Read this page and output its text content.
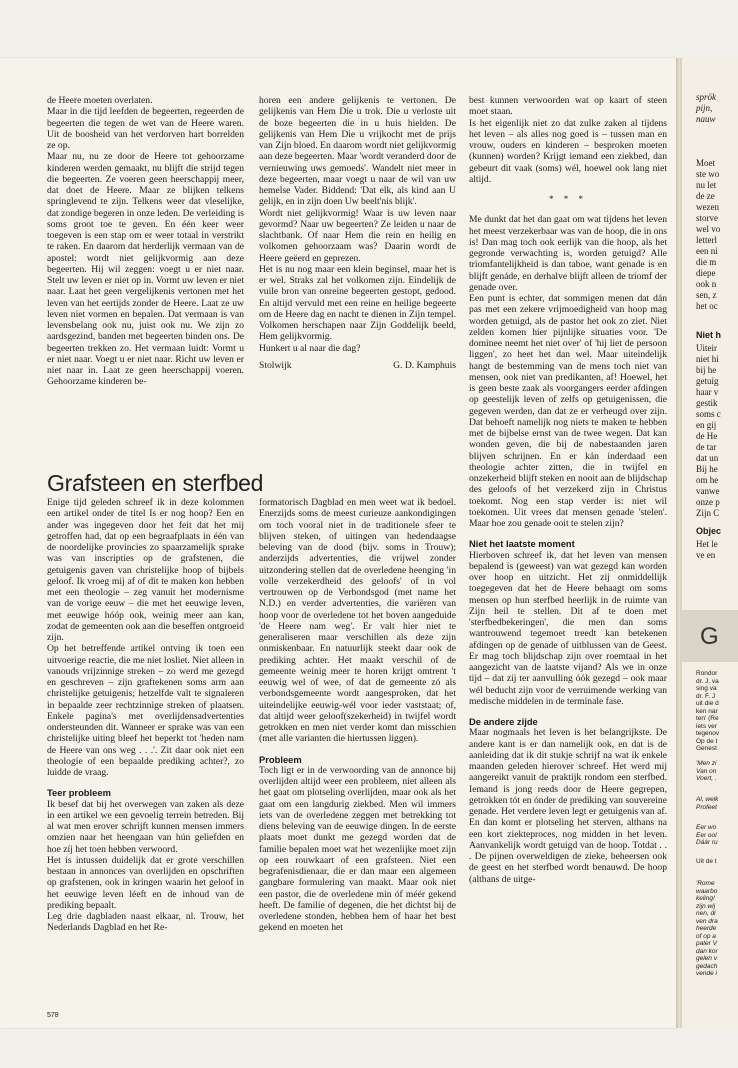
de Heere moeten overlaten.

Maar in die tijd leefden de begeerten, regeerden de begeerten die tegen de wet van de Heere waren. Uit de boosheid van het verdorven hart borrelden ze op.

Maar nu, nu ze door de Heere tot gehoorzame kinderen werden gemaakt, nu blijft die strijd tegen die begeerten. Ze voeren geen heerschappij meer, dat doet de Heere. Maar ze blijken telkens springlevend te zijn. Telkens weer dat vleselijke, dat zondige begeren in onze leden. De verleiding is soms groot toe te geven. En één keer weer toegeven is een stap om er weer totaal in verstrikt te raken. En daarom dat herderlijk vermaan van de apostel: wordt niet gelijkvormig aan deze begeerten. Hij wil zeggen: voegt u er niet naar. Stelt uw leven er niet op in. Vormt uw leven er niet naar. Laat het geen vergelijkenis vertonen met het leven van het eertijds zonder de Heere. Laat ze uw leven niet vormen en bepalen. Dat vermaan is van levensbelang ook nu, juist ook nu. We zijn zo aardsgezind, banden met begeerten binden ons. De begeerten trekken zo. Het vermaan luidt: Vormt u er niet naar. Voegt u er niet naar. Richt uw leven er niet naar in. Laat ze geen heerschappij voeren. Gehoorzame kinderen be-

horen een andere gelijkenis te vertonen. De gelijkenis van Hem Die u trok. Die u verloste uit de boze begeerten die in u huis hielden. De gelijkenis van Hem Die u vrijkocht met de prijs van Zijn bloed. En daarom wordt niet gelijkvormig aan deze begeerten. Maar 'wordt veranderd door de vernieuwing uws gemoeds'. Wandelt niet meer in deze begeerten, maar voegt u naar de wil van uw hemelse Vader. Biddend: 'Dat elk, als kind aan U gelijk, en in zijn doen Uw beelt'nis blijk'.

Wordt niet gelijkvormig! Waar is uw leven naar gevormd? Naar uw begeerten? Ze leiden u naar de slachtbank. Of naar Hem die rein en heilig en volkomen gehoorzaam was? Daarin wordt de Heere geëerd en geprezen.

Het is nu nog maar een klein beginsel, maar het is er wel. Straks zal het volkomen zijn. Eindelijk de vuile bron van onreine begeerten gestopt, gedood. En altijd vervuld met een reine en heilige begeerte om de Heere dag en nacht te dienen in Zijn tempel. Volkomen herschapen naar Zijn Goddelijk beeld, Hem gelijkvormig.

Hunkert u al naar die dag?

Stolwijk	G. D. Kamphuis

best kunnen verwoorden wat op kaart of steen moet staan.

Is het eigenlijk niet zo dat zulke zaken al tijdens het leven – als alles nog goed is – tussen man en vrouw, ouders en kinderen – besproken moeten (kunnen) worden? Krijgt iemand een ziekbed, dan gebeurt dit vaak (soms) wél, hoewel ook lang niet altijd.

* * *

Me dunkt dat het dan gaat om wat tijdens het leven het meest verzekerbaar was van de hoop, die in ons is! Dan mag toch ook eerlijk van die hoop, als het gegronde verwachting is, worden getuigd? Alle triomfantelijkheid is dan taboe, want genade is en blijft genáde, en derhalve blijft alleen de triomf der genade over.

Een punt is echter, dat sommigen menen dat dán pas met een zekere vrijmoedigheid van hoop mag worden getuigd, als de pastor het ook zo ziet. Niet zelden komen hier pijnlijke situaties voor. 'De dominee neemt het niet over' of 'hij liet de persoon liggen', zo heet het dan wel. Maar uiteindelijk hangt de bestemming van de mens toch niet van mensen, ook niet van predikanten, af! Hoewel, het is geen beste zaak als voorgangers eerder afdingen op geestelijk leven of zelfs op getuigenissen, die gegeven werden, dan dat ze er verheugd over zijn. Dat behoeft namelijk nog niets te maken te hebben met de bijbelse ernst van de twee wegen. Dat kan wonden geven, die bij de nabestaanden jaren blijven schrijnen. En er kán inderdaad een theologie achter zitten, die in twijfel en onzekerheid blijft steken en nooit aan de blijdschap des geloofs of het verzekerd zijn in Christus toekomt. Nog een stap verder is: niet wil toekomen. Uit vrees dat mensen genade 'stelen'. Maar hoe zou genade ooit te stelen zijn?

Niet het laatste moment

Hierboven schreef ik, dat het leven van mensen bepalend is (geweest) van wat gezegd kan worden over hoop en uitzicht. Het zij onmiddellijk toegegeven dat het de Heere behaagt om soms mensen op hun sterfbed heerlijk in de ruimte van Zijn heil te stellen. Dit af te doen met 'sterfbedbekeringen', die men dan soms wantrouwend tegemoet treedt kan betekenen afdingen op de genade of uitblussen van de Geest. Er mag toch blijdschap zijn over roemtaal in het aangezicht van de laatste vijand? Als we in onze tijd – dat zij ter aanvulling óók gezegd – ook maar wél beducht zijn voor de verruimende werking van medische middelen in de terminale fase.

De andere zijde

Maar nogmaals het leven is het belangrijkste. De andere kant is er dan namelijk ook, en dat is de aanleiding dat ik dit stukje schrijf na wat ik enkele maanden geleden hierover schreef. Het werd mij aangereikt vanuit de praktijk rondom een sterfbed. Iemand is jong reeds door de Heere gegrepen, getrokken tót en ónder de prediking van souvereine genade. Het verdere leven legt er getuigenis van af. En dan komt er plotseling het sterven, althans na een kort ziekteproces, nog midden in het leven. Aanvankelijk wordt getuigd van de hoop. Totdat . . . De pijnen overweldigen de zieke, beheersen ook de geest en het sterfbed wordt benauwd. De hoop (althans de uitge-

Grafsteen en sterfbed

Enige tijd geleden schreef ik in deze kolommen een artikel onder de titel Is er nog hoop? Een en ander was ingegeven door het feit dat het mij getroffen had, dat op een begraafplaats in één van de noordelijke provincies zo spaarzamelijk sprake was van inscripties op de grafstenen, die getuigenis gaven van christelijke hoop of bijbels geloof. Ik vroeg mij af of dit te maken kon hebben met een theologie – zeg vanuit het modernisme van de vorige eeuw – die met het eeuwige leven, met eeuwige hóóp ook, weinig meer aan kan, zodat de gemeenten ook aan die beseffen ontgroeid zijn.

Op het betreffende artikel ontving ik toen een uitvoerige reactie, die me niet losliet. Niet alleen in vanouds vrijzinnige streken – zo werd me gezegd en geschreven – zijn graftekenen soms arm aan christelijke getuigenis; hetzelfde valt te signaleren in bepaalde zeer rechtzinnige streken of plaatsen. Enkele pagina's met overlijdensadvertenties ondersteunden dit. Wanneer er sprake was van een christelijke uiting bleef het beperkt tot 'heden nam de Heere van ons weg . . .'. Zit daar ook niet een theologie of een bepaalde prediking achter?, zo luidde de vraag.

Teer probleem

Ik besef dat bij het overwegen van zaken als deze in een artikel we een gevoelig terrein betreden. Bij al wat men erover schrijft kunnen mensen immers omzien naar het heengaan van hún geliefden en hoe zíj het toen hebben verwoord.

Het is intussen duidelijk dat er grote verschillen bestaan in annonces van overlijden en opschriften op grafstenen, ook in kringen waarin het geloof in het eeuwige leven léeft en de inhoud van de prediking bepaalt.

Leg drie dagbladen naast elkaar, nl. Trouw, het Nederlands Dagblad en het Re-

formatorisch Dagblad en men weet wat ik bedoel. Enerzijds soms de meest curieuze aankondigingen om toch vooral niet in de traditionele sfeer te blijven steken, of uitingen van hedendaagse beleving van de dood (bijv. soms in Trouw); anderzijds advertenties, die vrijwel zonder uitzondering stellen dat de overledene heenging 'in volle verzekerdheid des geloofs' of in vol vertrouwen op de Verbondsgod (met name het N.D.) en verder advertenties, die variëren van hoop voor de overledene tot het boven aangeduide 'de Heere nam weg'. Er valt hier niet te generaliseren maar verschillen als deze zijn onmiskenbaar. En natuurlijk steekt daar ook de prediking achter. Het maakt verschil of de gemeente weinig meer te horen krijgt omtrent 't eeuwig wel of wee, of dat de gemeente zó als verbondsgemeente wordt aangesproken, dat het uiteindelijke eeuwig-wél voor ieder vaststaat; of, dat altijd weer geloof(szekerheid) in twijfel wordt getrokken en men niet verder komt dan misschien (met alle varianten die hiertussen liggen).

Probleem

Toch ligt er in de verwoording van de annonce bij overlijden altijd weer een probleem, niet alleen als het gaat om plotseling overlijden, maar ook als het gaat om een langdurig ziekbed. Men wil immers iets van de overledene zeggen met betrekking tot diens beleving van de eeuwige dingen. In de eerste plaats moet dunkt me gezegd worden dat de familie bepalen moet wat het wezenlijke moet zijn op een rouwkaart of een grafsteen. Niet een begrafenisdienaar, die er dan maar een algemeen gangbare formulering van maakt. Maar ook niet een pastor, die de overledene min óf méér gekend heeft. De familie of degenen, die het dichtst bij de overledene stonden, hebben hem of haar het best gekend en moeten het

578
sprök
pijn,
nauw
Moet
ste wo
nu let
de ze
wezen
storve
wel vo
letterl
een ni
die m
diepe
ook n
sen, z
het oc
Niet h
Uiteir
niet hi
bij he
getuig
haar v
gestik
soms c
en gij
de He
de tar
dat un
Bij he
om he
vanwe
onze p
Zijn C
Objec
Het le
ve en
G
Rondor
dr. J. va
sing va
dr. F. J
uit die d
ken nar
ten' (Re
iets ver
tegenov
Op de t
Genest
'Men zi
Van on
Voert, .
Al, welk
Profeet
Eer wo
Eer ool
Dáár ru
Uit de t
'Rome
waarbo
keling!
zijn wij
nen, di
ven dra
heerde
of op a
pater V
dan kor
gelen v
gedach
vende i
